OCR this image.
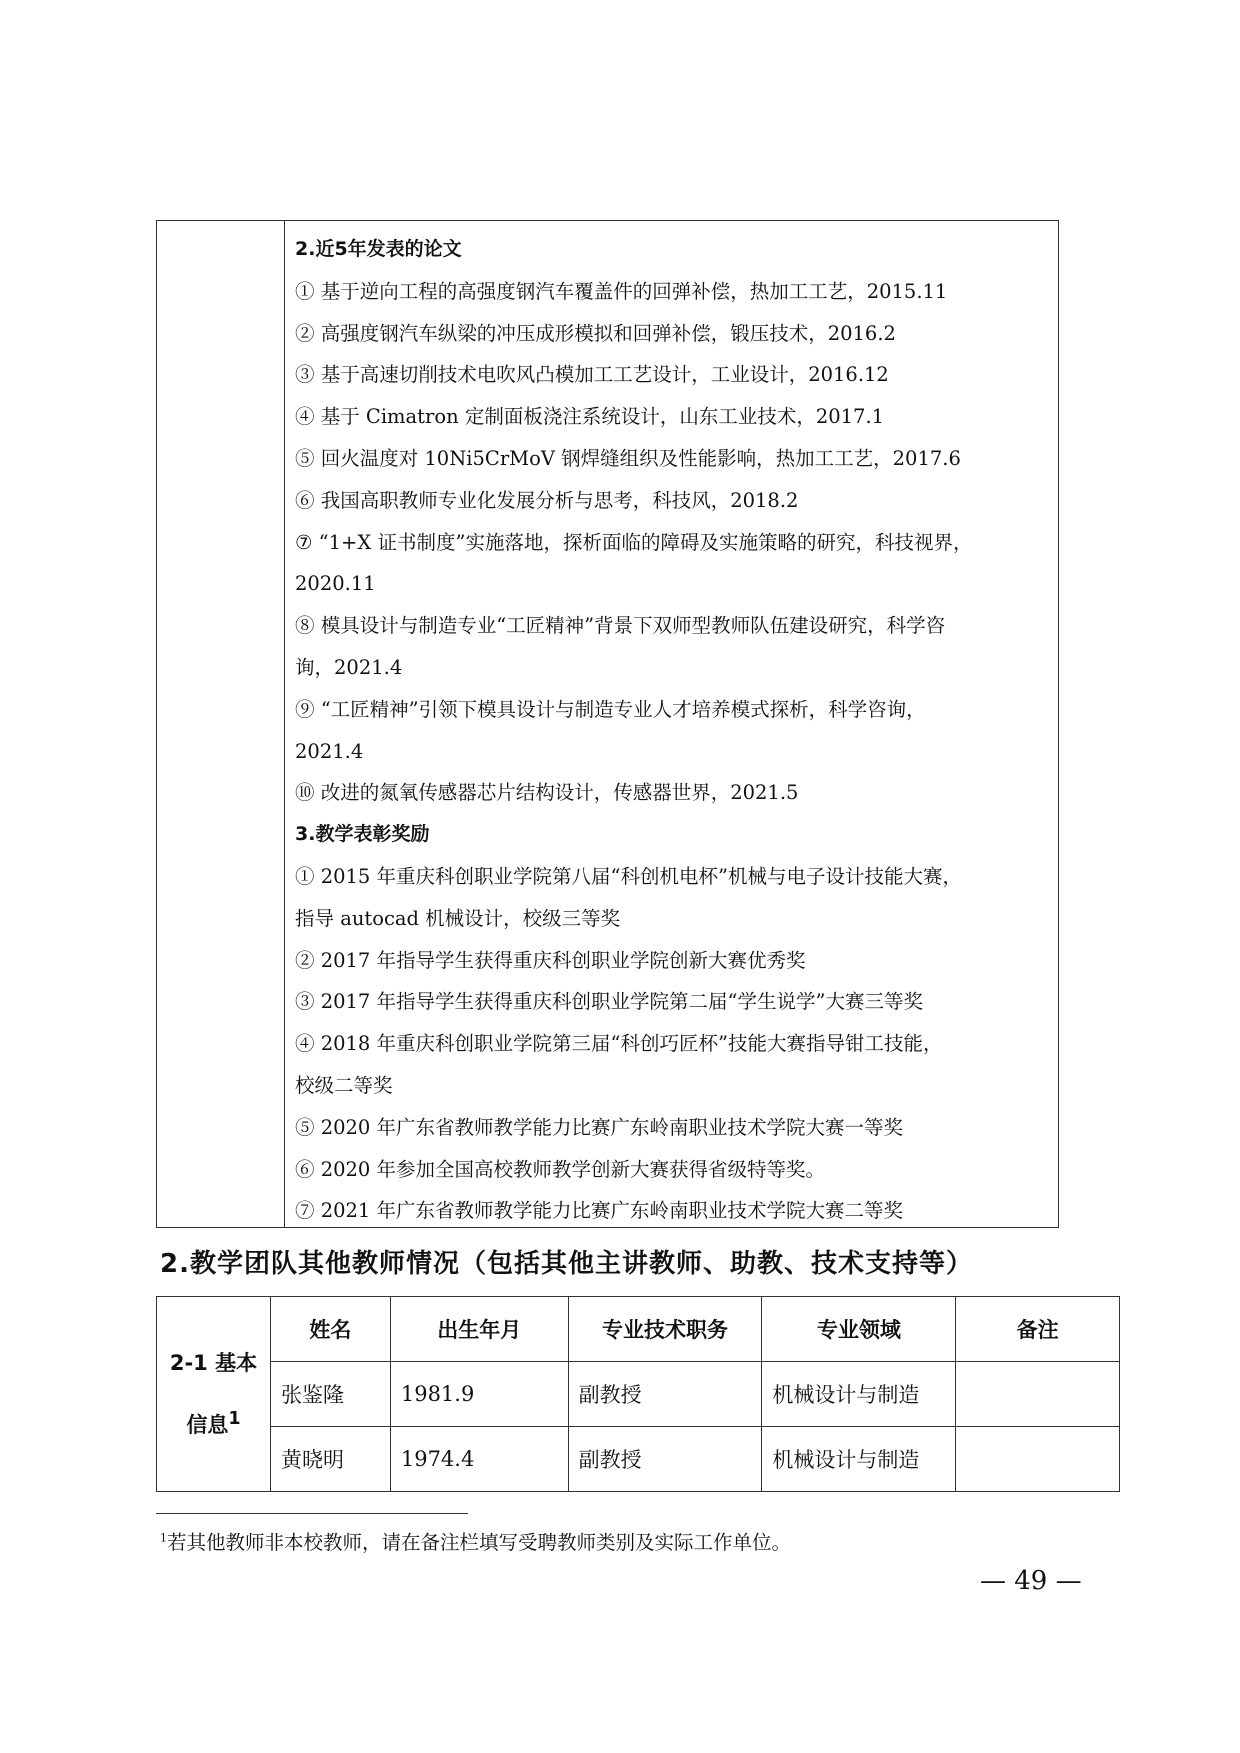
2.近5年发表的论文
① 基于逆向工程的高强度钢汽车覆盖件的回弹补偿，热加工工艺，2015.11
② 高强度钢汽车纵梁的冲压成形模拟和回弹补偿，锻压技术，2016.2
③ 基于高速切削技术电吹风凸模加工工艺设计，工业设计，2016.12
④ 基于 Cimatron 定制面板浇注系统设计，山东工业技术，2017.1
⑤ 回火温度对 10Ni5CrMoV 钢焊缝组织及性能影响，热加工工艺，2017.6
⑥ 我国高职教师专业化发展分析与思考，科技风，2018.2
⑦ “1+X 证书制度”实施落地，探析面临的障碍及实施策略的研究，科技视界，
2020.11
⑧ 模具设计与制造专业“工匠精神”背景下双师型教师队伍建设研究，科学咨
询，2021.4
⑨ “工匠精神”引领下模具设计与制造专业人才培养模式探析，科学咨询，
2021.4
⑩ 改进的氮氧传感器芯片结构设计，传感器世界，2021.5
3.教学表彰奖励
① 2015 年重庆科创职业学院第八届“科创机电杯”机械与电子设计技能大赛，
指导 autocad 机械设计，校级三等奖
② 2017 年指导学生获得重庆科创职业学院创新大赛优秀奖
③ 2017 年指导学生获得重庆科创职业学院第二届“学生说学”大赛三等奖
④ 2018 年重庆科创职业学院第三届“科创巧匠杯”技能大赛指导钳工技能，
校级二等奖
⑤ 2020 年广东省教师教学能力比赛广东岭南职业技术学院大赛一等奖
⑥ 2020 年参加全国高校教师教学创新大赛获得省级特等奖。
⑦ 2021 年广东省教师教学能力比赛广东岭南职业技术学院大赛二等奖
2.教学团队其他教师情况（包括其他主讲教师、助教、技术支持等）
2-1 基本
信息$^1$	姓名	出生年月	专业技术职务	专业领域	备注
	张鉴隆	1981.9	副教授	机械设计与制造	
	黄晓明	1974.4	副教授	机械设计与制造	
$^1$若其他教师非本校教师，请在备注栏填写受聘教师类别及实际工作单位。
— 49 —
